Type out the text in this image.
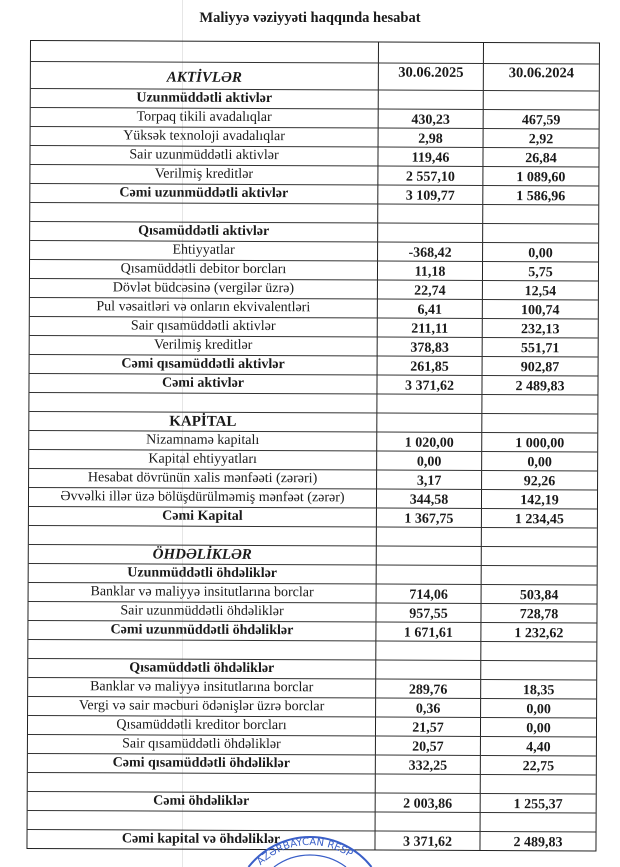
Maliyyə vəziyyəti haqqında hesabat
AKTİVLƏR	30.06.2025	30.06.2024
Uzunmüddətli aktivlər
Torpaq tikili avadalıqlar	430,23	467,59
Yüksək texnoloji avadalıqlar	2,98	2,92
Sair uzunmüddətli aktivlər	119,46	26,84
Verilmiş kreditlər	2 557,10	1 089,60
Cəmi uzunmüddətli aktivlər	3 109,77	1 586,96
Qısamüddətli aktivlər
Ehtiyyatlar	-368,42	0,00
Qısamüddətli debitor borcları	11,18	5,75
Dövlət büdcəsinə (vergilər üzrə)	22,74	12,54
Pul vəsaitləri və onların ekvivalentləri	6,41	100,74
Sair qısamüddətli aktivlər	211,11	232,13
Verilmiş kreditlər	378,83	551,71
Cəmi qısamüddətli aktivlər	261,85	902,87
Cəmi aktivlər	3 371,62	2 489,83
KAPİTAL
Nizamnamə kapitalı	1 020,00	1 000,00
Kapital ehtiyyatları	0,00	0,00
Hesabat dövrünün xalis mənfəəti (zərəri)	3,17	92,26
Əvvəlki illər üzə bölüşdürülməmiş mənfəət (zərər)	344,58	142,19
Cəmi Kapital	1 367,75	1 234,45
ÖHDƏLİKLƏR
Uzunmüddətli öhdəliklər
Banklar və maliyyə insitutlarına borclar	714,06	503,84
Sair uzunmüddətli öhdəliklər	957,55	728,78
Cəmi uzunmüddətli öhdəliklər	1 671,61	1 232,62
Qısamüddətli öhdəliklər
Banklar və maliyyə insitutlarına borclar	289,76	18,35
Vergi və sair məcburi ödənişlər üzrə borclar	0,36	0,00
Qısamüddətli kreditor borcları	21,57	0,00
Sair qısamüddətli öhdəliklər	20,57	4,40
Cəmi qısamüddətli öhdəliklər	332,25	22,75
Cəmi öhdəliklər	2 003,86	1 255,37
Cəmi kapital və öhdəliklər	3 371,62	2 489,83
AZƏRBAYCAN RESP
